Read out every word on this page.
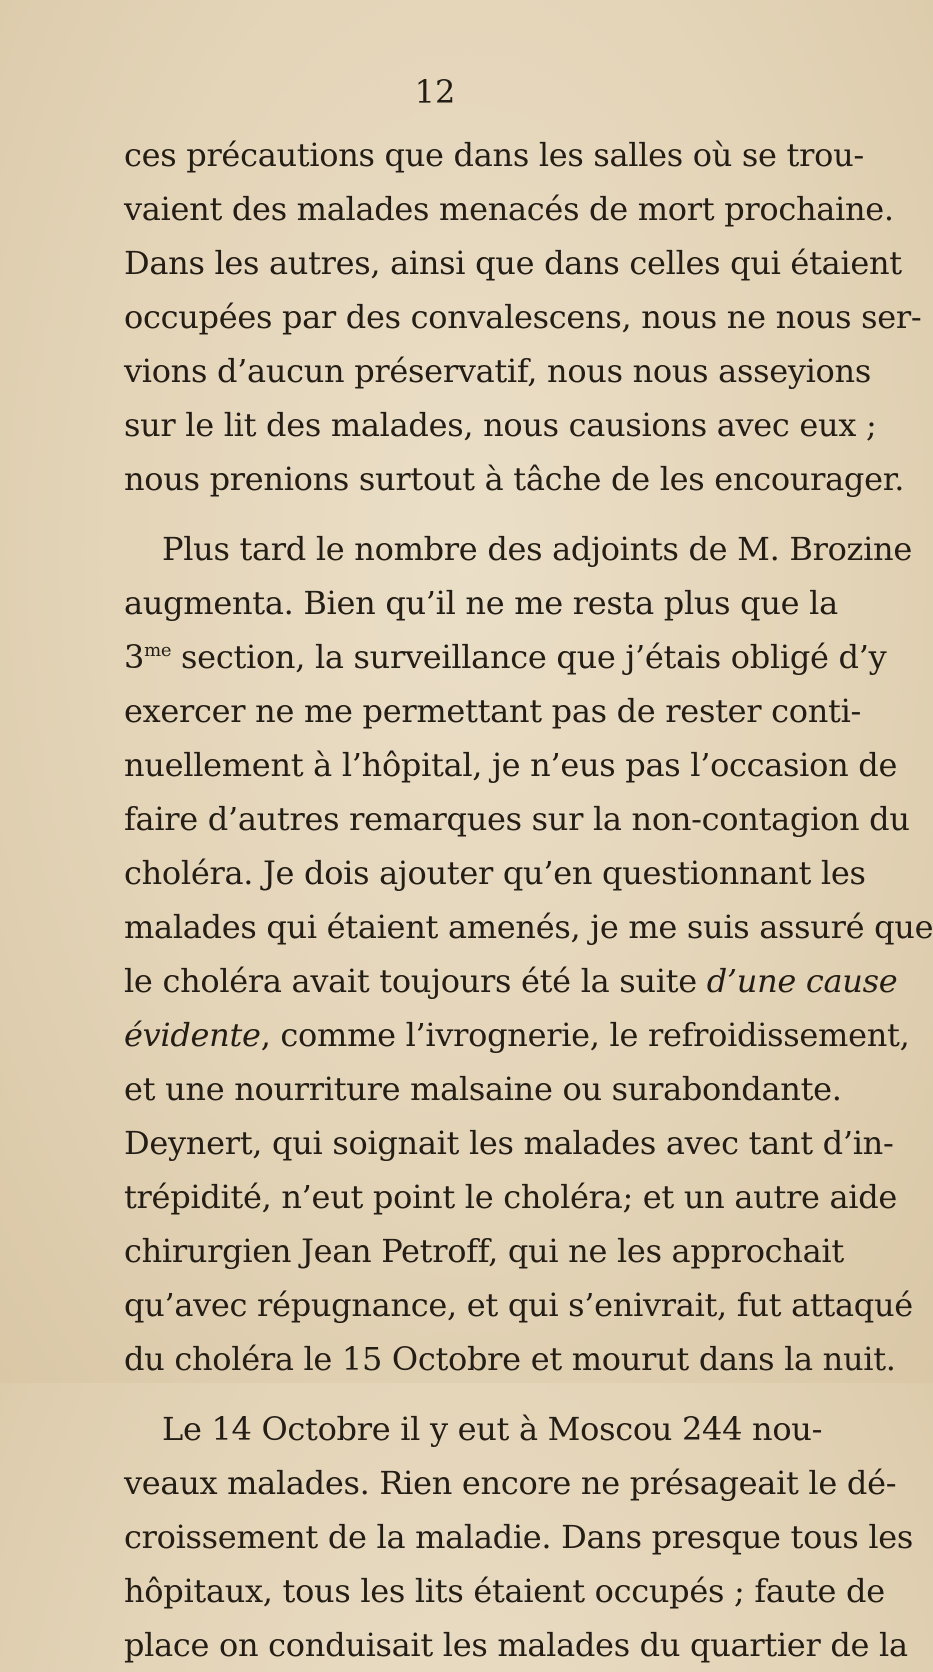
12
ces précautions que dans les salles où se trou-
vaient des malades menacés de mort prochaine.
Dans les autres, ainsi que dans celles qui étaient
occupées par des convalescens, nous ne nous ser-
vions d’aucun préservatif, nous nous asseyions
sur le lit des malades, nous causions avec eux ;
nous prenions surtout à tâche de les encourager.
Plus tard le nombre des adjoints de M. Brozine
augmenta. Bien qu’il ne me resta plus que la
$3^{me}$ section, la surveillance que j’étais obligé d’y
exercer ne me permettant pas de rester conti-
nuellement à l’hôpital, je n’eus pas l’occasion de
faire d’autres remarques sur la non-contagion du
choléra. Je dois ajouter qu’en questionnant les
malades qui étaient amenés, je me suis assuré que
le choléra avait toujours été la suite d’une cause
évidente, comme l’ivrognerie, le refroidissement,
et une nourriture malsaine ou surabondante.
Deynert, qui soignait les malades avec tant d’in-
trépidité, n’eut point le choléra; et un autre aide
chirurgien Jean Petroff, qui ne les approchait
qu’avec répugnance, et qui s’enivrait, fut attaqué
du choléra le 15 Octobre et mourut dans la nuit.
Le 14 Octobre il y eut à Moscou 244 nou-
veaux malades. Rien encore ne présageait le dé-
croissement de la maladie. Dans presque tous les
hôpitaux, tous les lits étaient occupés ; faute de
place on conduisait les malades du quartier de la
